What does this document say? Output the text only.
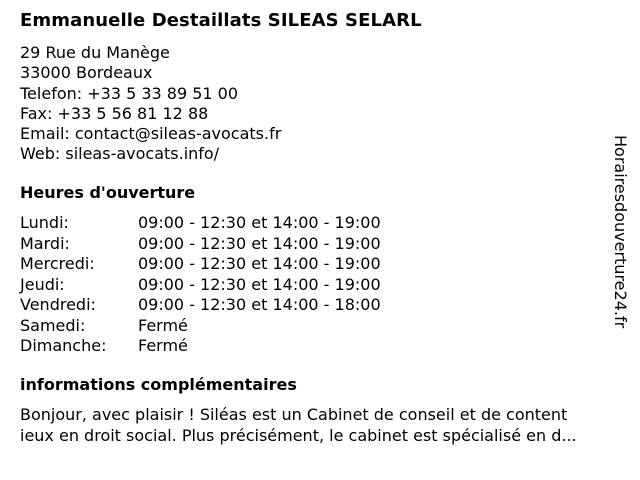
Emmanuelle Destaillats SILEAS SELARL
29 Rue du Manège
33000 Bordeaux
Telefon: +33 5 33 89 51 00
Fax: +33 5 56 81 12 88
Email: contact@sileas-avocats.fr
Web: sileas-avocats.info/
Heures d'ouverture
Lundi:	09:00 - 12:30 et 14:00 - 19:00
Mardi:	09:00 - 12:30 et 14:00 - 19:00
Mercredi:	09:00 - 12:30 et 14:00 - 19:00
Jeudi:	09:00 - 12:30 et 14:00 - 19:00
Vendredi:	09:00 - 12:30 et 14:00 - 18:00
Samedi:	Fermé
Dimanche: Fermé
informations complémentaires
Bonjour, avec plaisir ! Siléas est un Cabinet de conseil et de content
ieux en droit social. Plus précisément, le cabinet est spécialisé en d...
Horairesdouverture24.fr
